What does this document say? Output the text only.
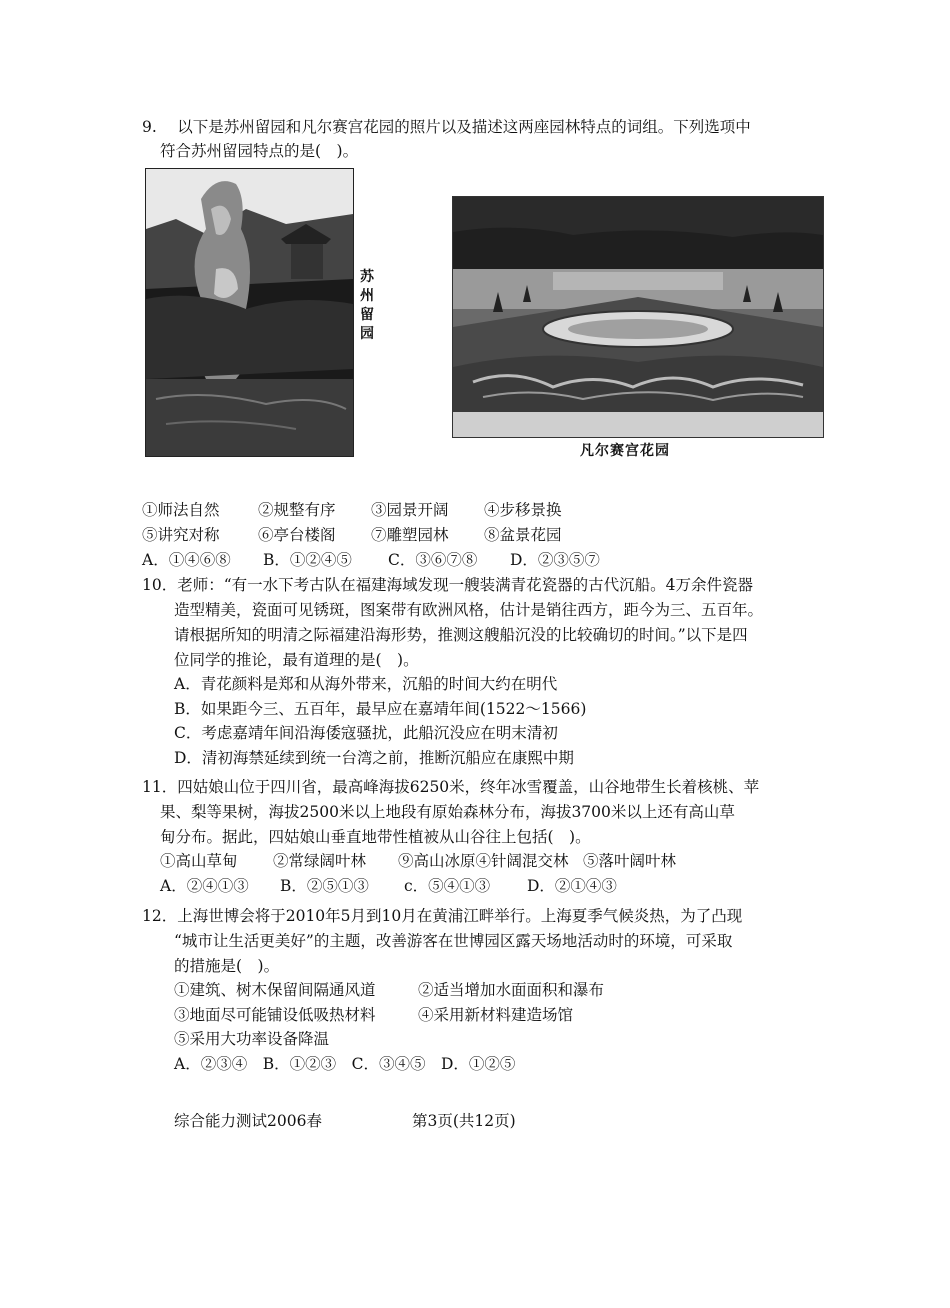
9.　 以下是苏州留园和凡尔赛宫花园的照片以及描述这两座园林特点的词组。下列选项中
符合苏州留园特点的是(　)。
苏州留园
凡尔赛宫花园
①师法自然 ②规整有序 ③园景开阔 ④步移景换
⑤讲究对称 ⑥亭台楼阁 ⑦雕塑园林 ⑧盆景花园
A．①④⑥⑧ B．①②④⑤ C．③⑥⑦⑧ D．②③⑤⑦
10．老师：“有一水下考古队在福建海域发现一艘装满青花瓷器的古代沉船。4万余件瓷器
造型精美，瓷面可见锈斑，图案带有欧洲风格，估计是销往西方，距今为三、五百年。
请根据所知的明清之际福建沿海形势，推测这艘船沉没的比较确切的时间。”以下是四
位同学的推论，最有道理的是(　)。
A．青花颜料是郑和从海外带来，沉船的时间大约在明代
B．如果距今三、五百年，最早应在嘉靖年间(1522～1566)
C．考虑嘉靖年间沿海倭寇骚扰，此船沉没应在明末清初
D．清初海禁延续到统一台湾之前，推断沉船应在康熙中期
11．四姑娘山位于四川省，最高峰海拔6250米，终年冰雪覆盖，山谷地带生长着核桃、苹
果、梨等果树，海拔2500米以上地段有原始森林分布，海拔3700米以上还有高山草
甸分布。据此，四姑娘山垂直地带性植被从山谷往上包括(　)。
①高山草甸 ②常绿阔叶林 ⑨高山冰原④针阔混交林 ⑤落叶阔叶林
A．②④①③ B．②⑤①③ c．⑤④①③ D．②①④③
12．上海世博会将于2010年5月到10月在黄浦江畔举行。上海夏季气候炎热，为了凸现
“城市让生活更美好”的主题，改善游客在世博园区露天场地活动时的环境，可采取
的措施是(　)。
①建筑、树木保留间隔通风道	②适当增加水面面积和瀑布
③地面尽可能铺设低吸热材料	④采用新材料建造场馆
⑤采用大功率设备降温
A．②③④　B．①②③　C．③④⑤　D．①②⑤
综合能力测试2006春	第3页(共12页)
